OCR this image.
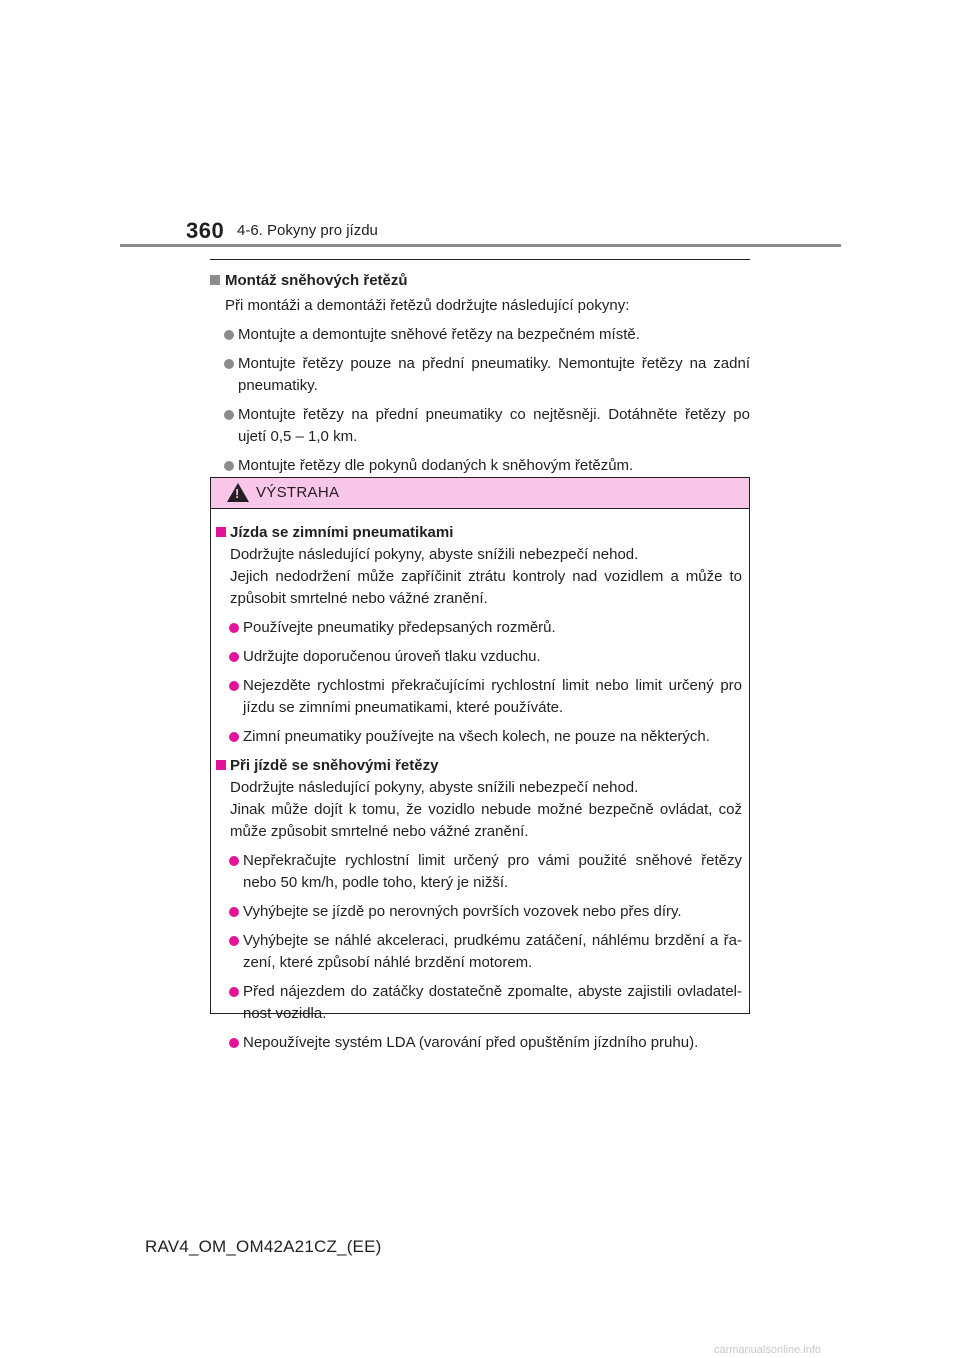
360 4-6. Pokyny pro jízdu
Montáž sněhových řetězů
Při montáži a demontáži řetězů dodržujte následující pokyny:
Montujte a demontujte sněhové řetězy na bezpečném místě.
Montujte řetězy pouze na přední pneumatiky. Nemontujte řetězy na zadní pneumatiky.
Montujte řetězy na přední pneumatiky co nejtěsněji. Dotáhněte řetězy po ujetí 0,5 – 1,0 km.
Montujte řetězy dle pokynů dodaných k sněhovým řetězům.
!
VÝSTRAHA
Jízda se zimními pneumatikami
Dodržujte následující pokyny, abyste snížili nebezpečí nehod.
Jejich nedodržení může zapříčinit ztrátu kontroly nad vozidlem a může to způsobit smrtelné nebo vážné zranění.
Používejte pneumatiky předepsaných rozměrů.
Udržujte doporučenou úroveň tlaku vzduchu.
Nejezděte rychlostmi překračujícími rychlostní limit nebo limit určený pro jízdu se zimními pneumatikami, které používáte.
Zimní pneumatiky používejte na všech kolech, ne pouze na některých.
Při jízdě se sněhovými řetězy
Dodržujte následující pokyny, abyste snížili nebezpečí nehod.
Jinak může dojít k tomu, že vozidlo nebude možné bezpečně ovládat, což může způsobit smrtelné nebo vážné zranění.
Nepřekračujte rychlostní limit určený pro vámi použité sněhové řetězy nebo 50 km/h, podle toho, který je nižší.
Vyhýbejte se jízdě po nerovných površích vozovek nebo přes díry.
Vyhýbejte se náhlé akceleraci, prudkému zatáčení, náhlému brzdění a řa-zení, které způsobí náhlé brzdění motorem.
Před nájezdem do zatáčky dostatečně zpomalte, abyste zajistili ovladatel-nost vozidla.
Nepoužívejte systém LDA (varování před opuštěním jízdního pruhu).
RAV4_OM_OM42A21CZ_(EE)
carmanualsonline.info
